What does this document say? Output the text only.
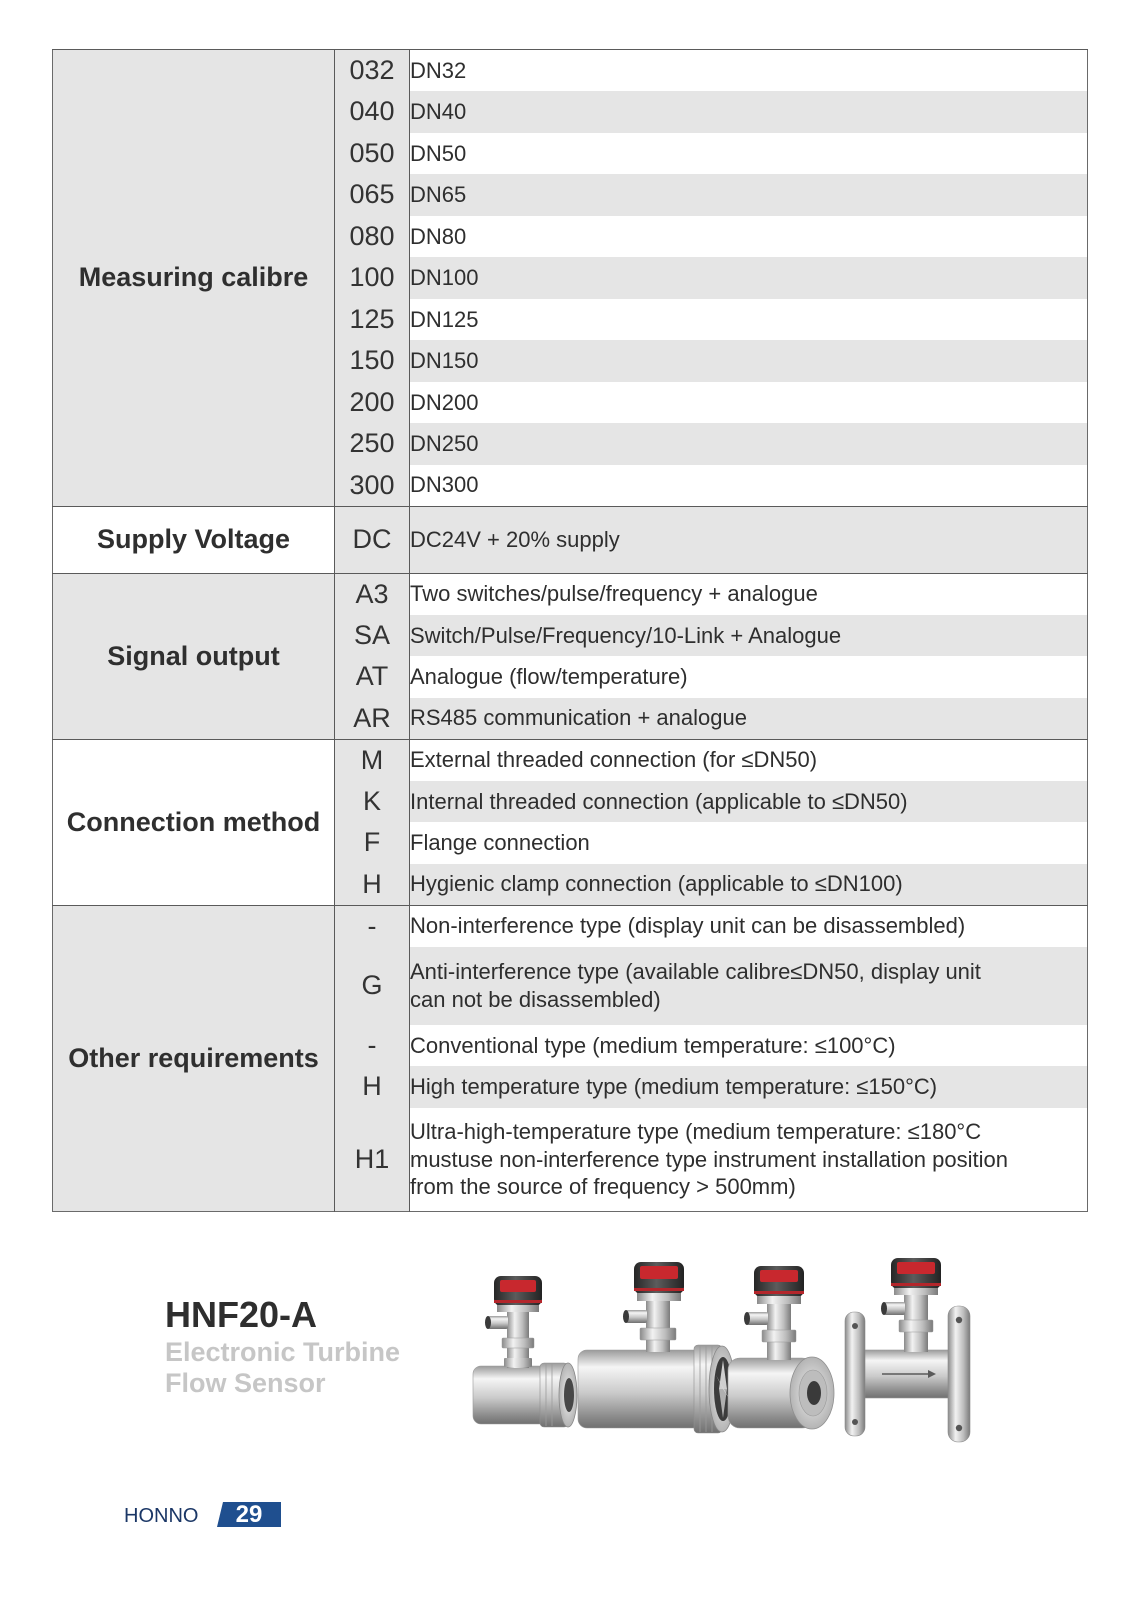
Measuring calibre	032	DN32

	040	DN40

	050	DN50

	065	DN65

	080	DN80

	100	DN100

	125	DN125

	150	DN150

	200	DN200

	250	DN250

	300	DN300

Supply Voltage	DC	DC24V + 20% supply

Signal output	A3	Two switches/pulse/frequency + analogue

	SA	Switch/Pulse/Frequency/10-Link + Analogue

	AT	Analogue (flow/temperature)

	AR	RS485 communication + analogue

Connection method	M	External threaded connection (for ≤DN50)

	K	Internal threaded connection (applicable to ≤DN50)

	F	Flange connection

	H	Hygienic clamp connection (applicable to ≤DN100)

Other requirements	-	Non-interference type (display unit can be disassembled)

	G	Anti-interference type (available calibre≤DN50, display unit
can not be disassembled)

	-	Conventional type (medium temperature: ≤100°C)

	H	High temperature type (medium temperature: ≤150°C)

	H1	Ultra-high-temperature type (medium temperature: ≤180°C
mustuse non-interference type instrument installation position
from the source of frequency > 500mm)
HNF20-A
Electronic Turbine
Flow Sensor
HONNO	29
